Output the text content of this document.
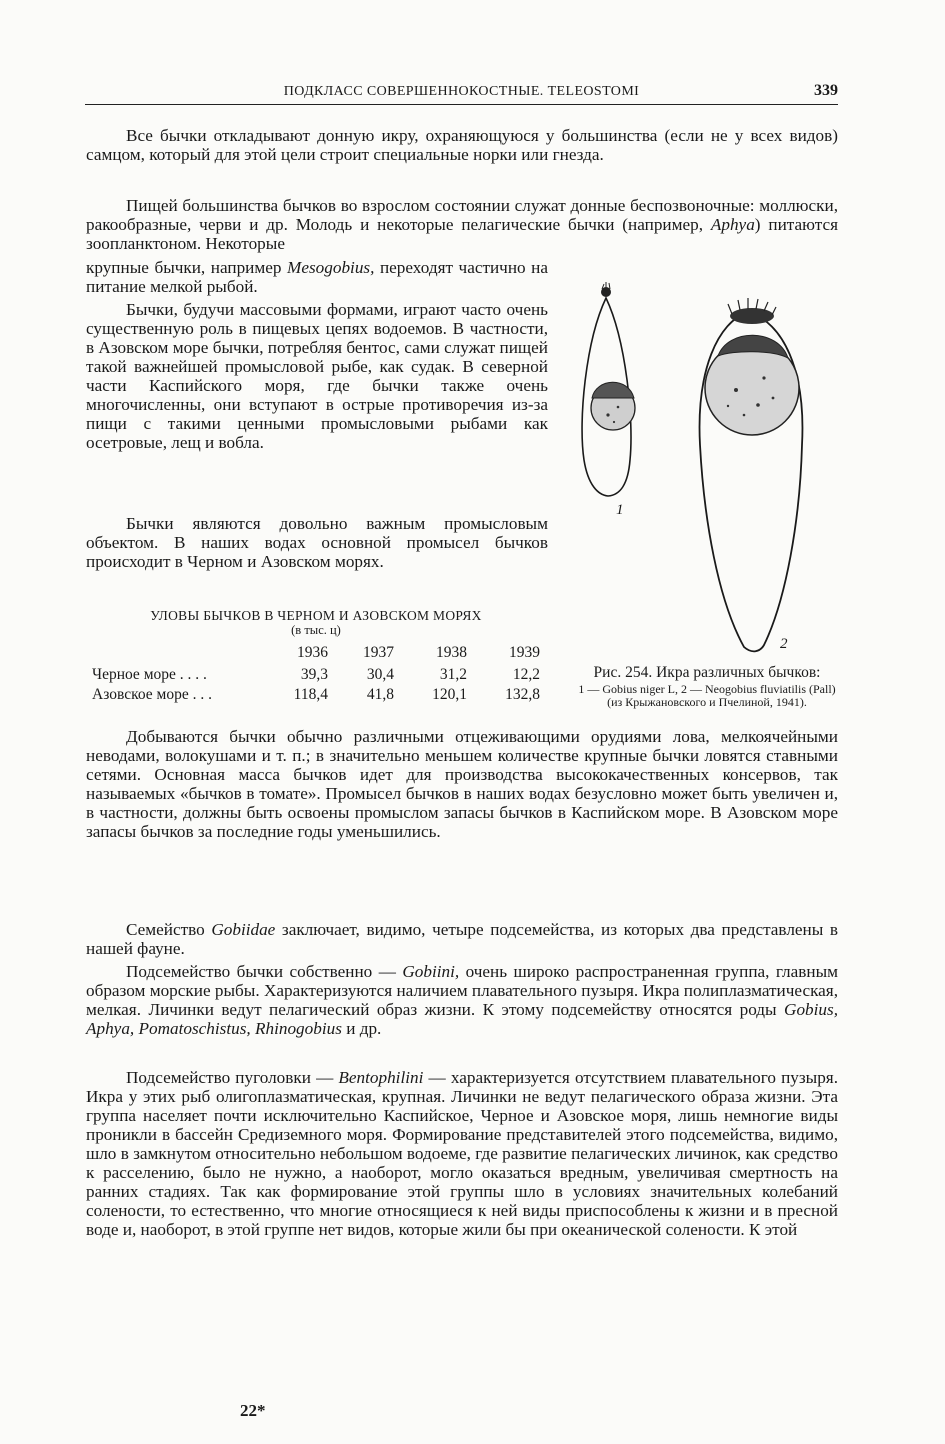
ПОДКЛАСС СОВЕРШЕННОКОСТНЫЕ. TELEOSTOMI	339

Все бычки откладывают донную икру, охраняющуюся у большинства (если не у всех видов) самцом, который для этой цели строит специальные норки или гнезда.

Пищей большинства бычков во взрослом состоянии служат донные беспозвоночные: моллюски, ракообразные, черви и др. Молодь и некоторые пелагические бычки (например, Aphya) питаются зоопланктоном. Некоторые

крупные бычки, например Mesogobius, переходят частично на питание мелкой рыбой.

Бычки, будучи массовыми формами, играют часто очень существенную роль в пищевых цепях водоемов. В частности, в Азовском море бычки, потребляя бентос, сами служат пищей такой важнейшей промысловой рыбе, как судак. В северной части Каспийского моря, где бычки также очень многочисленны, они вступают в острые противоречия из-за пищи с такими ценными промысловыми рыбами как осетровые, лещ и вобла.

Бычки являются довольно важным промысловым объектом. В наших водах основной промысел бычков происходит в Черном и Азовском морях.

УЛОВЫ БЫЧКОВ В ЧЕРНОМ И АЗОВСКОМ МОРЯХ
(в тыс. ц)
	1936	1937	1938	1939
Черное море . . . .	39,3	30,4	31,2	12,2
Азовское море . . .	118,4	41,8	120,1	132,8
1
2
Рис. 254. Икра различных бычков:
1 — Gobius niger L, 2 — Neogobius fluviatilis (Pall) (из Крыжановского и Пчелиной, 1941).

Добываются бычки обычно различными отцеживающими орудиями лова, мелкоячейными неводами, волокушами и т. п.; в значительно меньшем количестве крупные бычки ловятся ставными сетями. Основная масса бычков идет для производства высококачественных консервов, так называемых «бычков в томате». Промысел бычков в наших водах безусловно может быть увеличен и, в частности, должны быть освоены промыслом запасы бычков в Каспийском море. В Азовском море запасы бычков за последние годы уменьшились.

Семейство Gobiidae заключает, видимо, четыре подсемейства, из которых два представлены в нашей фауне.

Подсемейство бычки собственно — Gobiini, очень широко распространенная группа, главным образом морские рыбы. Характеризуются наличием плавательного пузыря. Икра полиплазматическая, мелкая. Личинки ведут пелагический образ жизни. К этому подсемейству относятся роды Gobius, Aphya, Pomatoschistus, Rhinogobius и др.

Подсемейство пуголовки — Bentophilini — характеризуется отсутствием плавательного пузыря. Икра у этих рыб олигоплазматическая, крупная. Личинки не ведут пелагического образа жизни. Эта группа населяет почти исключительно Каспийское, Черное и Азовское моря, лишь немногие виды проникли в бассейн Средиземного моря. Формирование представителей этого подсемейства, видимо, шло в замкнутом относительно небольшом водоеме, где развитие пелагических личинок, как средство к расселению, было не нужно, а наоборот, могло оказаться вредным, увеличивая смертность на ранних стадиях. Так как формирование этой группы шло в условиях значительных колебаний солености, то естественно, что многие относящиеся к ней виды приспособлены к жизни и в пресной воде и, наоборот, в этой группе нет видов, которые жили бы при океанической солености. К этой

22*
